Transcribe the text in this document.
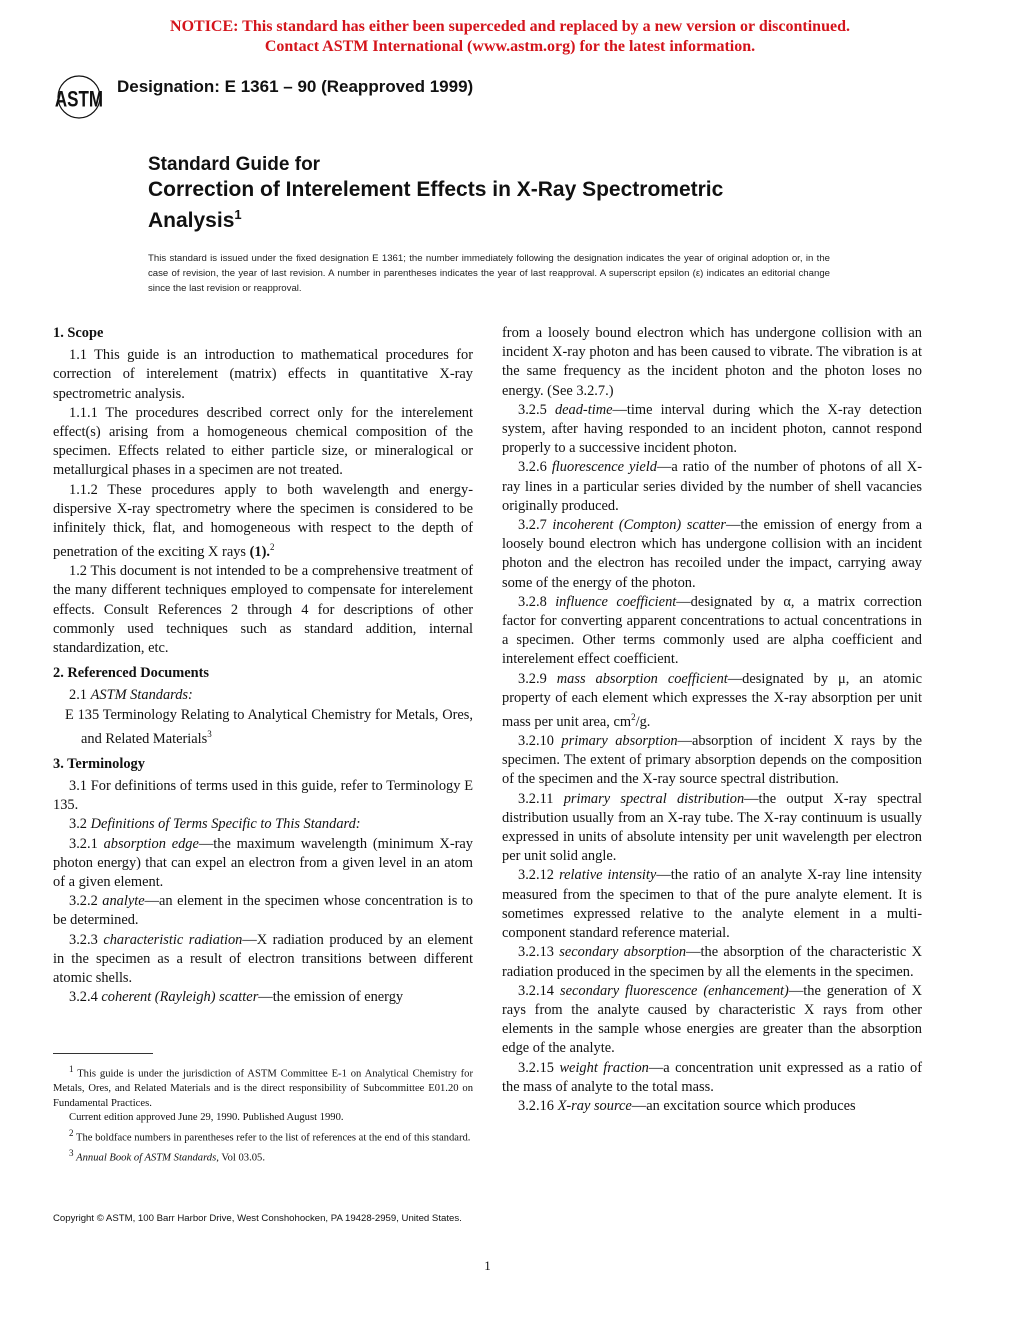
NOTICE: This standard has either been superceded and replaced by a new version or discontinued.
Contact ASTM International (www.astm.org) for the latest information.
ASTM
Designation: E 1361 – 90 (Reapproved 1999)
Standard Guide for
Correction of Interelement Effects in X-Ray Spectrometric
Analysis$^1$
This standard is issued under the fixed designation E 1361; the number immediately following the designation indicates the year of original adoption or, in the case of revision, the year of last revision. A number in parentheses indicates the year of last reapproval. A superscript epsilon (ε) indicates an editorial change since the last revision or reapproval.

1. Scope

1.1 This guide is an introduction to mathematical procedures for correction of interelement (matrix) effects in quantitative X-ray spectrometric analysis.

1.1.1 The procedures described correct only for the interelement effect(s) arising from a homogeneous chemical composition of the specimen. Effects related to either particle size, or mineralogical or metallurgical phases in a specimen are not treated.

1.1.2 These procedures apply to both wavelength and energy-dispersive X-ray spectrometry where the specimen is considered to be infinitely thick, flat, and homogeneous with respect to the depth of penetration of the exciting X rays (1).$^2$

1.2 This document is not intended to be a comprehensive treatment of the many different techniques employed to compensate for interelement effects. Consult References 2 through 4 for descriptions of other commonly used techniques such as standard addition, internal standardization, etc.

2. Referenced Documents

2.1 ASTM Standards:

E 135 Terminology Relating to Analytical Chemistry for Metals, Ores, and Related Materials$^3$

3. Terminology

3.1 For definitions of terms used in this guide, refer to Terminology E 135.

3.2 Definitions of Terms Specific to This Standard:

3.2.1 absorption edge—the maximum wavelength (minimum X-ray photon energy) that can expel an electron from a given level in an atom of a given element.

3.2.2 analyte—an element in the specimen whose concentration is to be determined.

3.2.3 characteristic radiation—X radiation produced by an element in the specimen as a result of electron transitions between different atomic shells.

3.2.4 coherent (Rayleigh) scatter—the emission of energy

$^1$ This guide is under the jurisdiction of ASTM Committee E-1 on Analytical Chemistry for Metals, Ores, and Related Materials and is the direct responsibility of Subcommittee E01.20 on Fundamental Practices.

Current edition approved June 29, 1990. Published August 1990.

$^2$ The boldface numbers in parentheses refer to the list of references at the end of this standard.

$^3$ Annual Book of ASTM Standards, Vol 03.05.

from a loosely bound electron which has undergone collision with an incident X-ray photon and has been caused to vibrate. The vibration is at the same frequency as the incident photon and the photon loses no energy. (See 3.2.7.)

3.2.5 dead-time—time interval during which the X-ray detection system, after having responded to an incident photon, cannot respond properly to a successive incident photon.

3.2.6 fluorescence yield—a ratio of the number of photons of all X-ray lines in a particular series divided by the number of shell vacancies originally produced.

3.2.7 incoherent (Compton) scatter—the emission of energy from a loosely bound electron which has undergone collision with an incident photon and the electron has recoiled under the impact, carrying away some of the energy of the photon.

3.2.8 influence coefficient—designated by α, a matrix correction factor for converting apparent concentrations to actual concentrations in a specimen. Other terms commonly used are alpha coefficient and interelement effect coefficient.

3.2.9 mass absorption coefficient—designated by μ, an atomic property of each element which expresses the X-ray absorption per unit mass per unit area, $cm^2/g$.

3.2.10 primary absorption—absorption of incident X rays by the specimen. The extent of primary absorption depends on the composition of the specimen and the X-ray source spectral distribution.

3.2.11 primary spectral distribution—the output X-ray spectral distribution usually from an X-ray tube. The X-ray continuum is usually expressed in units of absolute intensity per unit wavelength per electron per unit solid angle.

3.2.12 relative intensity—the ratio of an analyte X-ray line intensity measured from the specimen to that of the pure analyte element. It is sometimes expressed relative to the analyte element in a multi-component standard reference material.

3.2.13 secondary absorption—the absorption of the characteristic X radiation produced in the specimen by all the elements in the specimen.

3.2.14 secondary fluorescence (enhancement)—the generation of X rays from the analyte caused by characteristic X rays from other elements in the sample whose energies are greater than the absorption edge of the analyte.

3.2.15 weight fraction—a concentration unit expressed as a ratio of the mass of analyte to the total mass.

3.2.16 X-ray source—an excitation source which produces

Copyright © ASTM, 100 Barr Harbor Drive, West Conshohocken, PA 19428-2959, United States.
1
